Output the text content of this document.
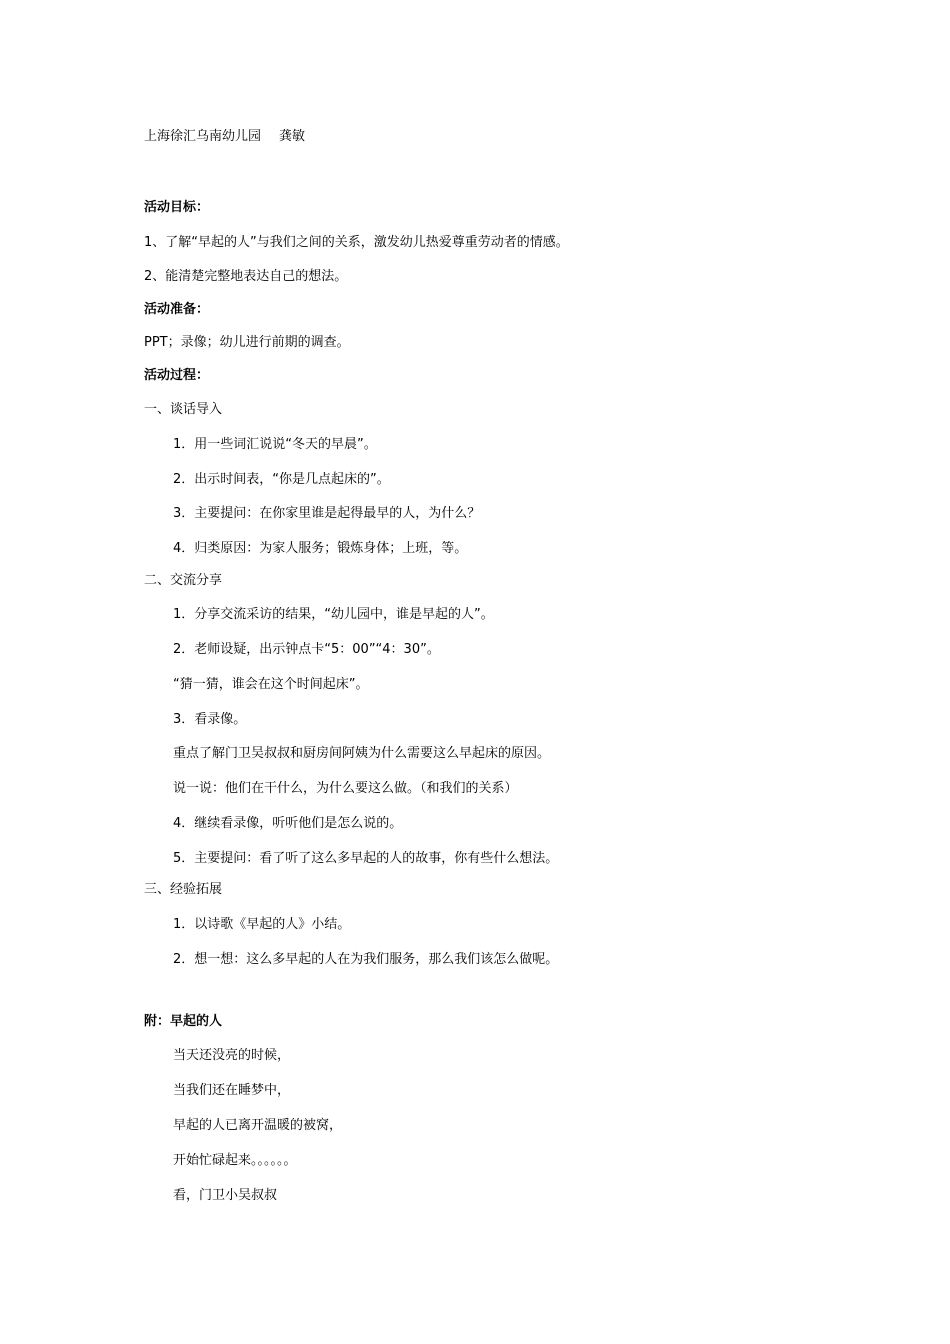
上海徐汇乌南幼儿园 龚敏
活动目标：
1、了解“早起的人”与我们之间的关系，激发幼儿热爱尊重劳动者的情感。
2、能清楚完整地表达自己的想法。
活动准备：
PPT；录像；幼儿进行前期的调查。
活动过程：
一、谈话导入
1．用一些词汇说说“冬天的早晨”。
2．出示时间表，“你是几点起床的”。
3．主要提问：在你家里谁是起得最早的人，为什么？
4．归类原因：为家人服务；锻炼身体；上班，等。
二、交流分享
1．分享交流采访的结果，“幼儿园中，谁是早起的人”。
2．老师设疑，出示钟点卡“5：00”“4：30”。
“猜一猜，谁会在这个时间起床”。
3．看录像。
重点了解门卫吴叔叔和厨房间阿姨为什么需要这么早起床的原因。
说一说：他们在干什么，为什么要这么做。（和我们的关系）
4．继续看录像，听听他们是怎么说的。
5．主要提问：看了听了这么多早起的人的故事，你有些什么想法。
三、经验拓展
1．以诗歌《早起的人》小结。
2．想一想：这么多早起的人在为我们服务，那么我们该怎么做呢。
附：早起的人
当天还没亮的时候，
当我们还在睡梦中，
早起的人已离开温暖的被窝，
开始忙碌起来。。。。。。
看，门卫小吴叔叔
